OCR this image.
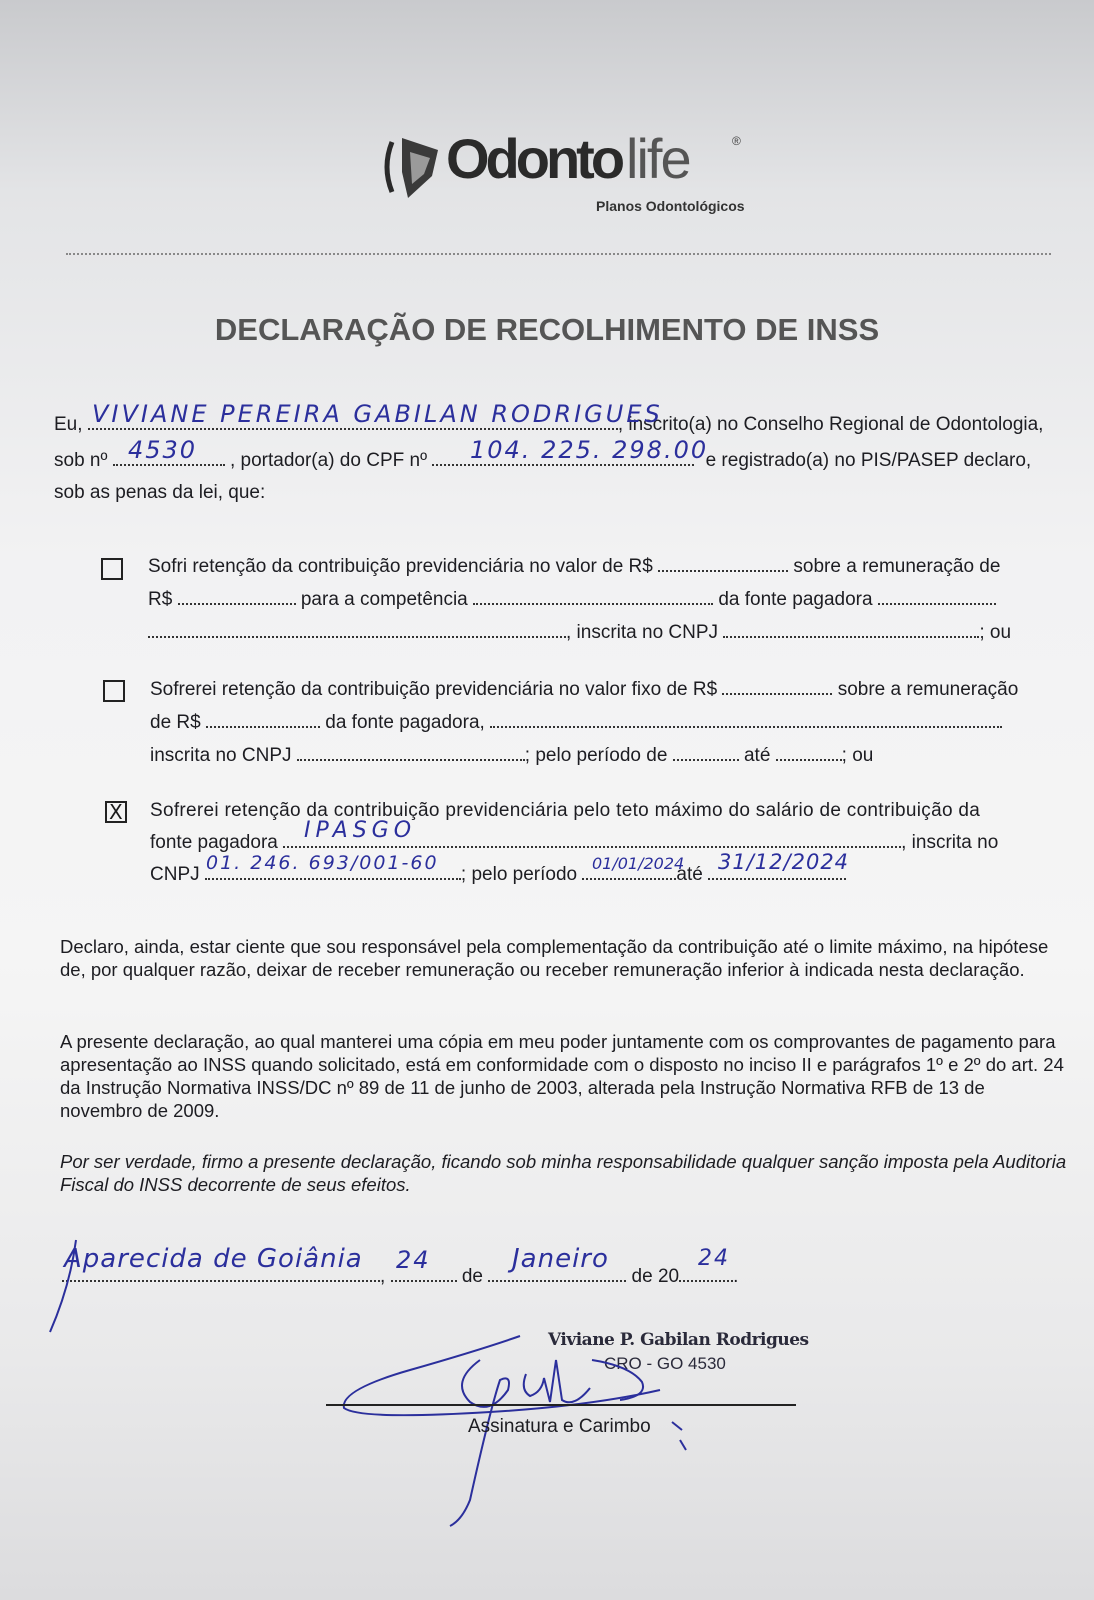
Odonto life	®
Planos Odontológicos
DECLARAÇÃO DE RECOLHIMENTO DE INSS
Eu,	, inscrito(a) no Conselho Regional de Odontologia,
VIVIANE PEREIRA GABILAN RODRIGUES
sob nº	, portador(a) do CPF nº	e registrado(a) no PIS/PASEP declaro,
4530	104. 225. 298.00
sob as penas da lei, que:
Sofri retenção da contribuição previdenciária no valor de R$	sobre a remuneração de
R$	para a competência	da fonte pagadora
, inscrita no CNPJ	; ou
Sofrerei retenção da contribuição previdenciária no valor fixo de R$	sobre a remuneração
de R$	da fonte pagadora,
inscrita no CNPJ	; pelo período de	até	; ou
X Sofrerei retenção da contribuição previdenciária pelo teto máximo do salário de contribuição da
fonte pagadora	, inscrita no
IPASGO
CNPJ	; pelo período	até
01. 246. 693/001-60	01/01/2024 31/12/2024
Declaro, ainda, estar ciente que sou responsável pela complementação da contribuição até o limite máximo, na hipótese de, por qualquer razão, deixar de receber remuneração ou receber remuneração inferior à indicada nesta declaração.
A presente declaração, ao qual manterei uma cópia em meu poder juntamente com os comprovantes de pagamento para apresentação ao INSS quando solicitado, está em conformidade com o disposto no inciso II e parágrafos 1º e 2º do art. 24 da Instrução Normativa INSS/DC nº 89 de 11 de junho de 2003, alterada pela Instrução Normativa RFB de 13 de novembro de 2009.
Por ser verdade, firmo a presente declaração, ficando sob minha responsabilidade qualquer sanção imposta pela Auditoria Fiscal do INSS decorrente de seus efeitos.
,	de	de 20	.
Aparecida de Goiânia 24	Janeiro	24
Viviane P. Gabilan Rodrigues
CRO - GO 4530
Assinatura e Carimbo
